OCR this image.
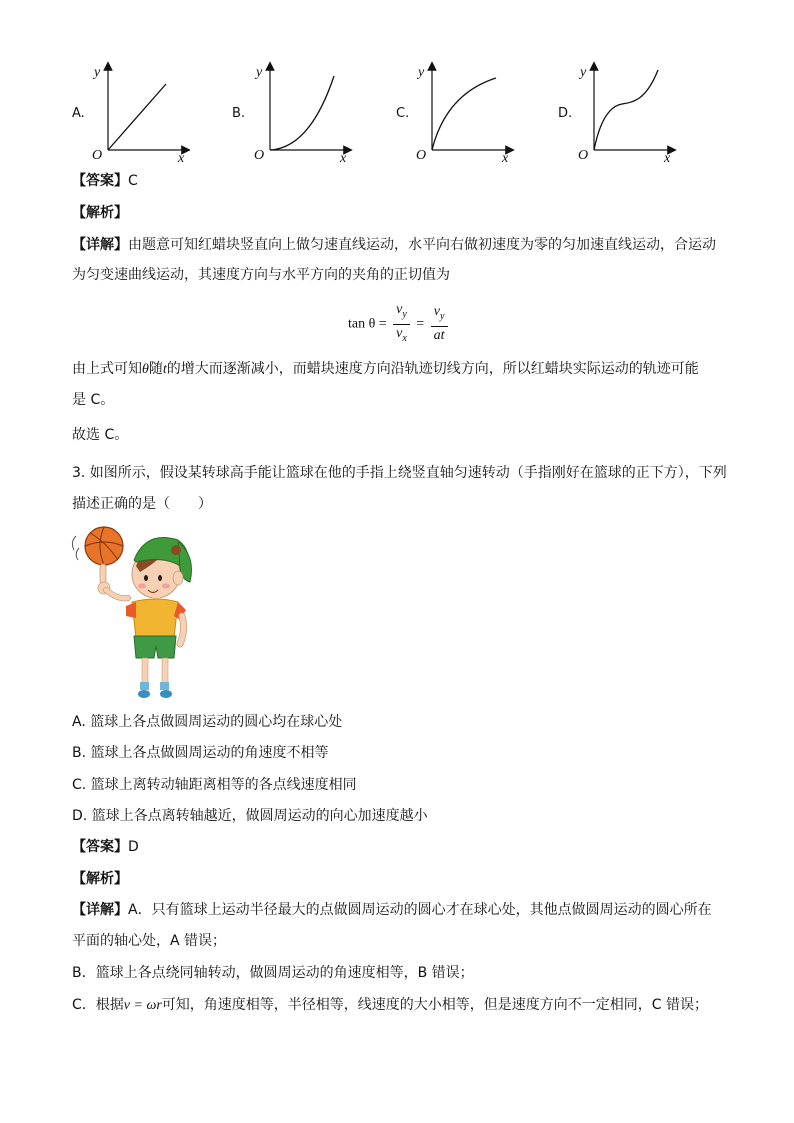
A.
y
x
O
B.
y
x
O
C.
y
x
O
D.
y
x
O
【答案】C
【解析】
【详解】由题意可知红蜡块竖直向上做匀速直线运动，水平向右做初速度为零的匀加速直线运动，合运动
为匀变速曲线运动，其速度方向与水平方向的夹角的正切值为
$\tan \theta = \frac{v_y}{v_x} = \frac{v_y}{at}$
由上式可知θ随t的增大而逐渐减小，而蜡块速度方向沿轨迹切线方向，所以红蜡块实际运动的轨迹可能
是 C。
故选 C。
3. 如图所示，假设某转球高手能让篮球在他的手指上绕竖直轴匀速转动（手指刚好在篮球的正下方），下列
描述正确的是（　　）
A. 篮球上各点做圆周运动的圆心均在球心处
B. 篮球上各点做圆周运动的角速度不相等
C. 篮球上离转动轴距离相等的各点线速度相同
D. 篮球上各点离转轴越近，做圆周运动的向心加速度越小
【答案】D
【解析】
【详解】A．只有篮球上运动半径最大的点做圆周运动的圆心才在球心处，其他点做圆周运动的圆心所在
平面的轴心处，A 错误；
B．篮球上各点绕同轴转动，做圆周运动的角速度相等，B 错误；
C．根据v = ωr可知，角速度相等，半径相等，线速度的大小相等，但是速度方向不一定相同，C 错误；
